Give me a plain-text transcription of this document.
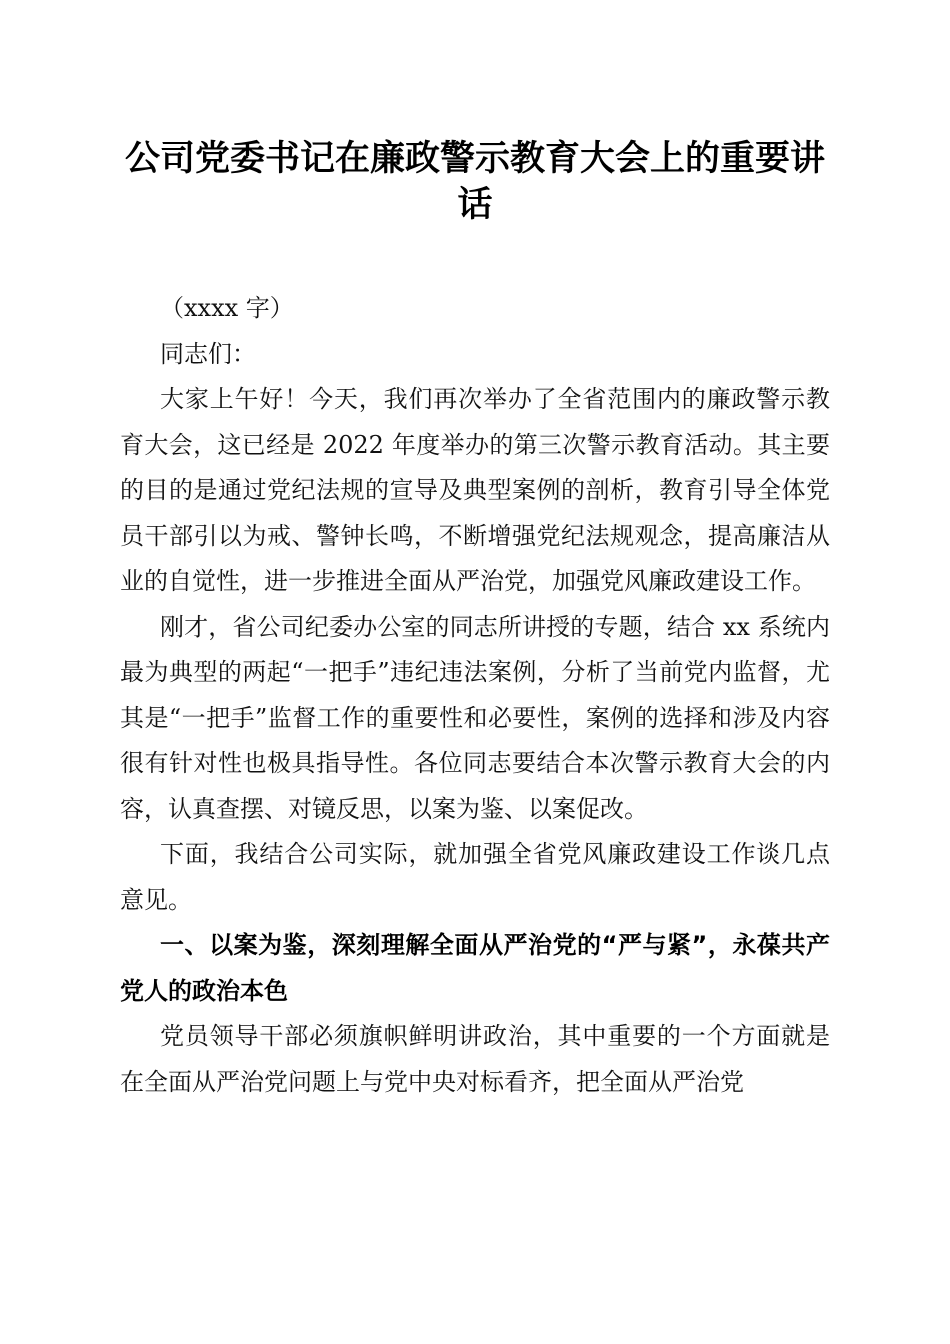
公司党委书记在廉政警示教育大会上的重要讲话

（xxxx 字）

同志们：

大家上午好！今天，我们再次举办了全省范围内的廉政警示教育大会，这已经是 2022 年度举办的第三次警示教育活动。其主要的目的是通过党纪法规的宣导及典型案例的剖析，教育引导全体党员干部引以为戒、警钟长鸣，不断增强党纪法规观念，提高廉洁从业的自觉性，进一步推进全面从严治党，加强党风廉政建设工作。

刚才，省公司纪委办公室的同志所讲授的专题，结合 xx 系统内最为典型的两起“一把手”违纪违法案例，分析了当前党内监督，尤其是“一把手”监督工作的重要性和必要性，案例的选择和涉及内容很有针对性也极具指导性。各位同志要结合本次警示教育大会的内容，认真查摆、对镜反思，以案为鉴、以案促改。

下面，我结合公司实际，就加强全省党风廉政建设工作谈几点意见。

一、以案为鉴，深刻理解全面从严治党的“严与紧”，永葆共产党人的政治本色

党员领导干部必须旗帜鲜明讲政治，其中重要的一个方面就是在全面从严治党问题上与党中央对标看齐，把全面从严治党
